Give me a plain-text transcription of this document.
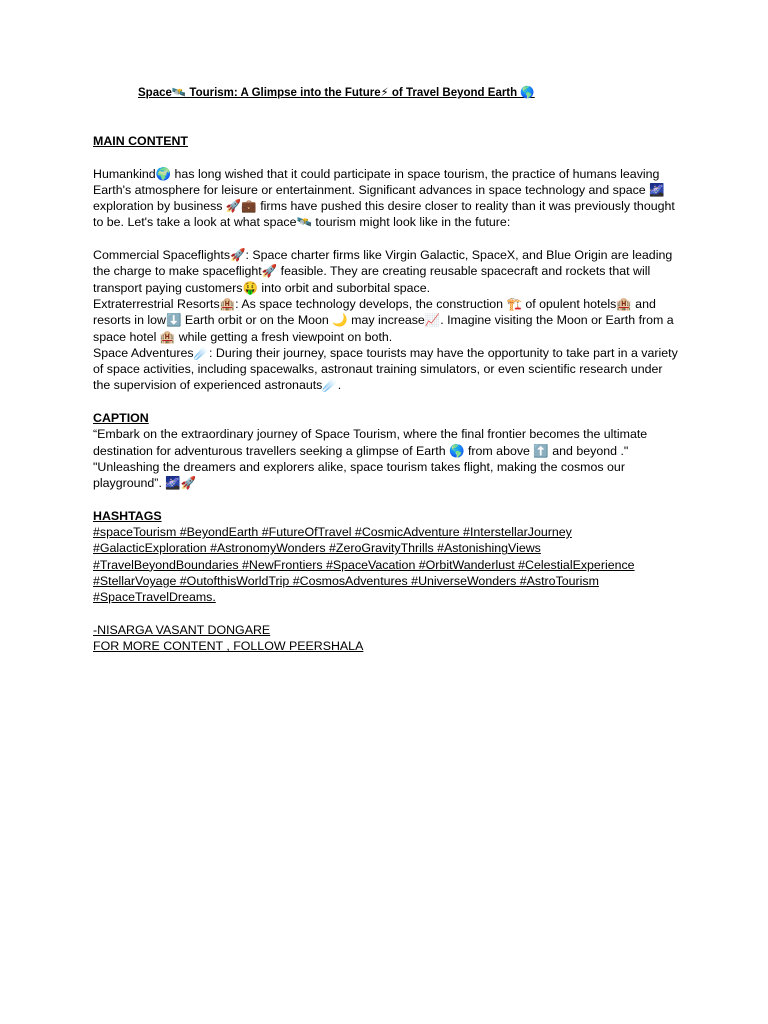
Space🛰️ Tourism: A Glimpse into the Future⚡ of Travel Beyond Earth 🌎

MAIN CONTENT

Humankind🌍 has long wished that it could participate in space tourism, the practice of humans leaving Earth's atmosphere for leisure or entertainment. Significant advances in space technology and space 🌌exploration by business 🚀💼 firms have pushed this desire closer to reality than it was previously thought to be. Let's take a look at what space🛰️ tourism might look like in the future:

Commercial Spaceflights🚀: Space charter firms like Virgin Galactic, SpaceX, and Blue Origin are leading the charge to make spaceflight🚀 feasible. They are creating reusable spacecraft and rockets that will transport paying customers🤑 into orbit and suborbital space.

Extraterrestrial Resorts🏨: As space technology develops, the construction 🏗️ of opulent hotels🏨 and resorts in low⬇️ Earth orbit or on the Moon 🌙 may increase📈. Imagine visiting the Moon or Earth from a space hotel 🏨 while getting a fresh viewpoint on both.

Space Adventures☄️: During their journey, space tourists may have the opportunity to take part in a variety of space activities, including spacewalks, astronaut training simulators, or even scientific research under the supervision of experienced astronauts☄️.

CAPTION

“Embark on the extraordinary journey of Space Tourism, where the final frontier becomes the ultimate destination for adventurous travellers seeking a glimpse of Earth 🌎 from above ⬆️ and beyond ." "Unleashing the dreamers and explorers alike, space tourism takes flight, making the cosmos our playground”. 🌌🚀

HASHTAGS

#spaceTourism #BeyondEarth #FutureOfTravel #CosmicAdventure #InterstellarJourney #GalacticExploration #AstronomyWonders #ZeroGravityThrills #AstonishingViews #TravelBeyondBoundaries #NewFrontiers #SpaceVacation #OrbitWanderlust #CelestialExperience #StellarVoyage #OutofthisWorldTrip #CosmosAdventures #UniverseWonders #AstroTourism #SpaceTravelDreams.

-NISARGA VASANT DONGARE

FOR MORE CONTENT , FOLLOW PEERSHALA
